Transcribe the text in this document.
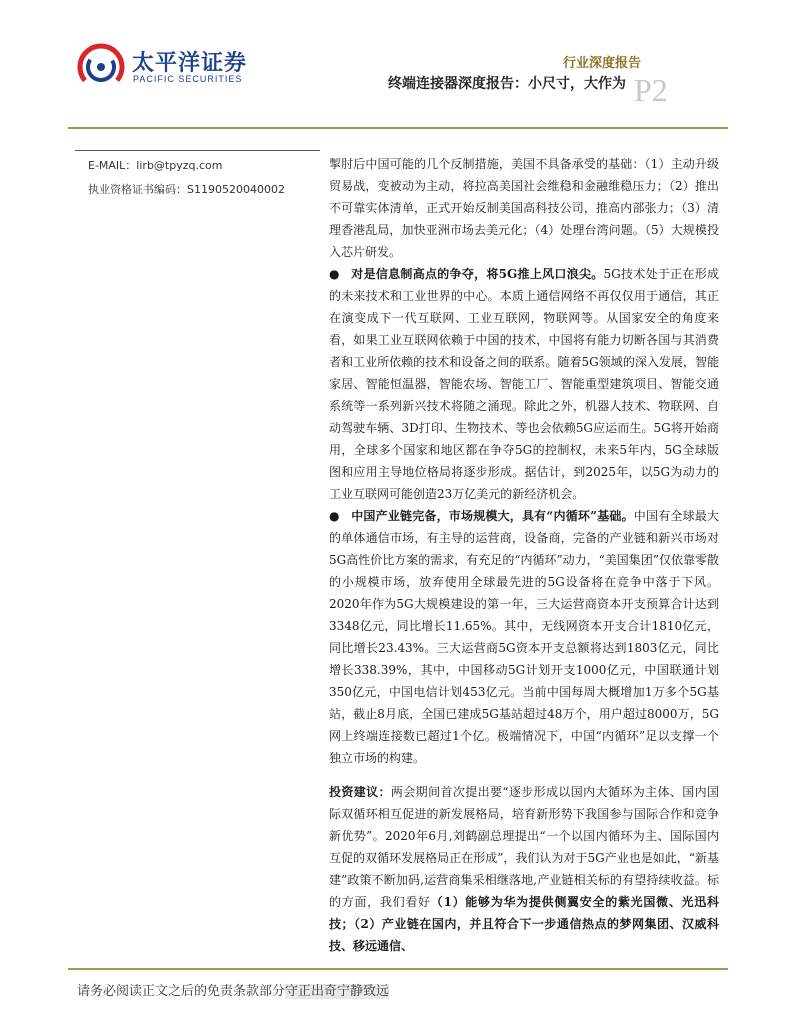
太平洋证券
PACIFIC SECURITIES
行业深度报告
终端连接器深度报告：小尺寸，大作为 P2
E-MAIL：lirb@tpyzq.com
执业资格证书编码：S1190520040002

掣肘后中国可能的几个反制措施，美国不具备承受的基础：（1）主动升级贸易战，变被动为主动，将拉高美国社会维稳和金融维稳压力；（2）推出不可靠实体清单，正式开始反制美国高科技公司，推高内部张力；（3）清理香港乱局，加快亚洲市场去美元化；（4）处理台湾问题。（5）大规模投入芯片研发。

● 对是信息制高点的争夺，将5G推上风口浪尖。5G技术处于正在形成的未来技术和工业世界的中心。本质上通信网络不再仅仅用于通信，其正在演变成下一代互联网、工业互联网，物联网等。从国家安全的角度来看，如果工业互联网依赖于中国的技术，中国将有能力切断各国与其消费者和工业所依赖的技术和设备之间的联系。随着5G领域的深入发展，智能家居、智能恒温器，智能农场、智能工厂、智能重型建筑项目、智能交通系统等一系列新兴技术将随之涌现。除此之外，机器人技术、物联网、自动驾驶车辆、3D打印、生物技术、等也会依赖5G应运而生。5G将开始商用，全球多个国家和地区都在争夺5G的控制权，未来5年内，5G全球版图和应用主导地位格局将逐步形成。据估计，到2025年，以5G为动力的工业互联网可能创造23万亿美元的新经济机会。

● 中国产业链完备，市场规模大，具有“内循环”基础。中国有全球最大的单体通信市场，有主导的运营商，设备商，完备的产业链和新兴市场对5G高性价比方案的需求，有充足的“内循环”动力，“美国集团”仅依靠零散的小规模市场，放弃使用全球最先进的5G设备将在竞争中落于下风。2020年作为5G大规模建设的第一年，三大运营商资本开支预算合计达到3348亿元，同比增长11.65%。其中，无线网资本开支合计1810亿元，同比增长23.43%。三大运营商5G资本开支总额将达到1803亿元，同比增长338.39%，其中，中国移动5G计划开支1000亿元，中国联通计划350亿元，中国电信计划453亿元。当前中国每周大概增加1万多个5G基站，截止8月底，全国已建成5G基站超过48万个，用户超过8000万，5G网上终端连接数已超过1个亿。极端情况下，中国“内循环”足以支撑一个独立市场的构建。

投资建议：两会期间首次提出要“逐步形成以国内大循环为主体、国内国际双循环相互促进的新发展格局，培育新形势下我国参与国际合作和竞争新优势”。2020年6月,刘鹤副总理提出“一个以国内循环为主、国际国内互促的双循环发展格局正在形成”，我们认为对于5G产业也是如此，“新基建”政策不断加码,运营商集采相继落地,产业链相关标的有望持续收益。标的方面，我们看好（1）能够为华为提供侧翼安全的紫光国微、光迅科技；（2）产业链在国内，并且符合下一步通信热点的梦网集团、汉威科技、移远通信、

请务必阅读正文之后的免责条款部分守正出奇宁静致远
